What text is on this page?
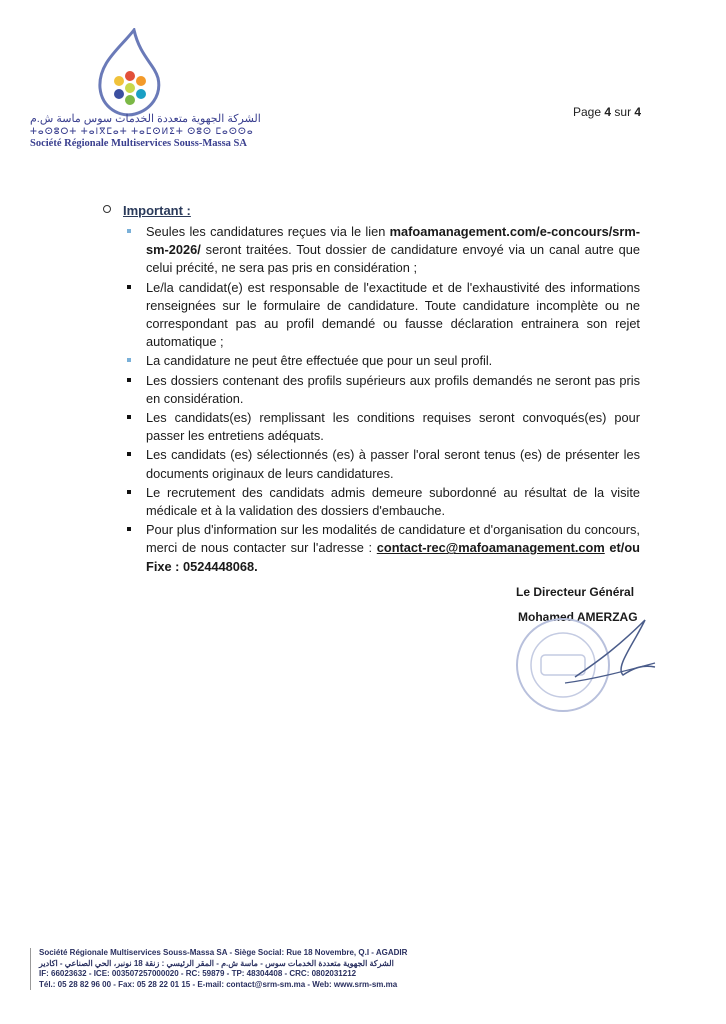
الشركة الجهوية متعددة الخدمات سوس ماسة ش.م
ⵜⴰⵙⵓⵔⵜ ⵜⴰⵏⴳⵎⴰⵜ ⵜⴰⵎⵙⵍⵉⵜ ⵙⵓⵙ ⵎⴰⵙⵙⴰ
Société Régionale Multiservices Souss-Massa SA
Page 4 sur 4
Important :
Seules les candidatures reçues via le lien mafoamanagement.com/e-concours/srm-sm-2026/ seront traitées. Tout dossier de candidature envoyé via un canal autre que celui précité, ne sera pas pris en considération ;
Le/la candidat(e) est responsable de l'exactitude et de l'exhaustivité des informations renseignées sur le formulaire de candidature. Toute candidature incomplète ou ne correspondant pas au profil demandé ou fausse déclaration entrainera son rejet automatique ;
La candidature ne peut être effectuée que pour un seul profil.
Les dossiers contenant des profils supérieurs aux profils demandés ne seront pas pris en considération.
Les candidats(es) remplissant les conditions requises seront convoqués(es) pour passer les entretiens adéquats.
Les candidats (es) sélectionnés (es) à passer l'oral seront tenus (es) de présenter les documents originaux de leurs candidatures.
Le recrutement des candidats admis demeure subordonné au résultat de la visite médicale et à la validation des dossiers d'embauche.
Pour plus d'information sur les modalités de candidature et d'organisation du concours, merci de nous contacter sur l'adresse : contact-rec@mafoamanagement.com et/ou Fixe : 0524448068.
Le Directeur Général
Mohamed AMERZAG
Société Régionale Multiservices Souss-Massa SA - Siège Social: Rue 18 Novembre, Q.I - AGADIR
الشركة الجهوية متعددة الخدمات سوس - ماسة ش.م - المقر الرئيسي : زنقة 18 نونبر، الحي الصناعي - اكادير
IF: 66023632 - ICE: 003507257000020 - RC: 59879 - TP: 48304408 - CRC: 0802031212
Tél.: 05 28 82 96 00 - Fax: 05 28 22 01 15 - E-mail: contact@srm-sm.ma - Web: www.srm-sm.ma
